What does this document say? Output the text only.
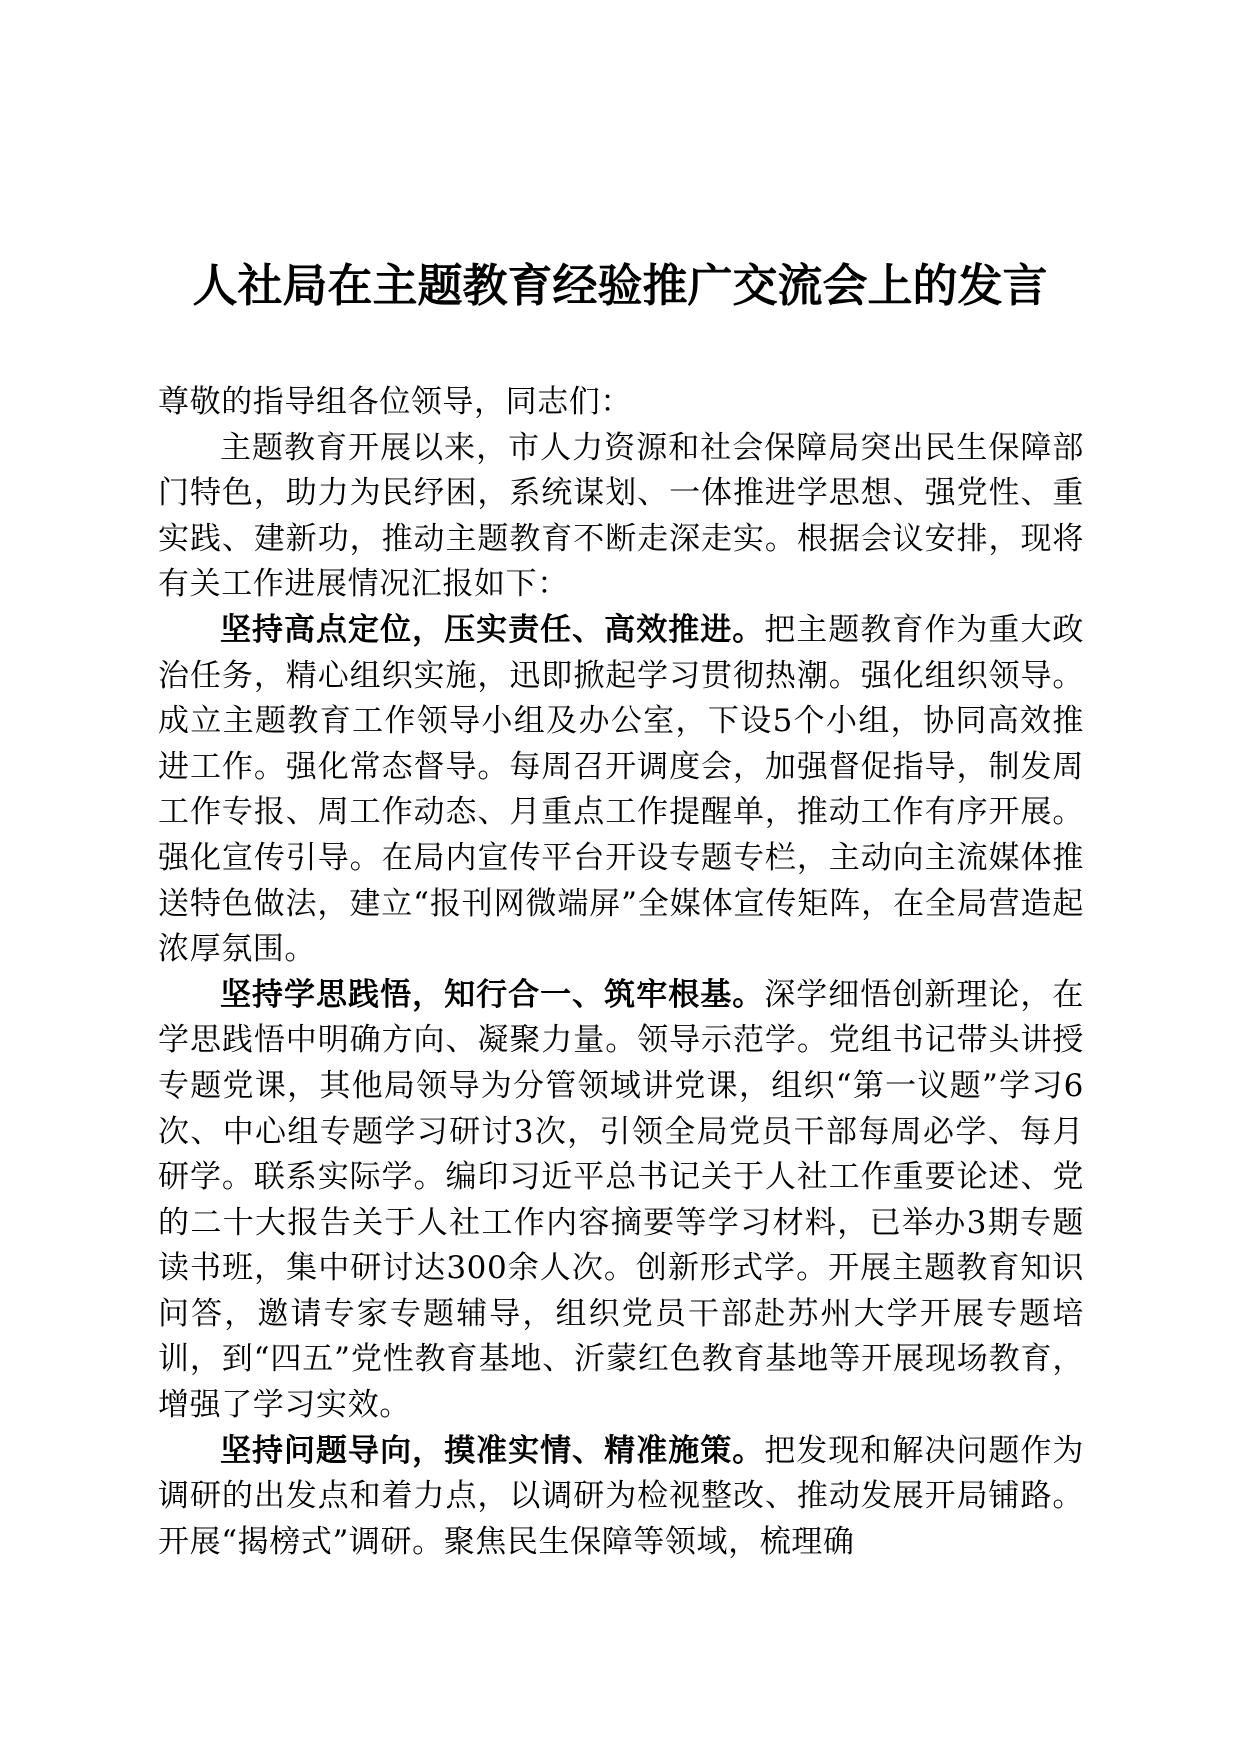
人社局在主题教育经验推广交流会上的发言

尊敬的指导组各位领导，同志们：

主题教育开展以来，市人力资源和社会保障局突出民生保障部门特色，助力为民纾困，系统谋划、一体推进学思想、强党性、重实践、建新功，推动主题教育不断走深走实。根据会议安排，现将有关工作进展情况汇报如下：

坚持高点定位，压实责任、高效推进。把主题教育作为重大政治任务，精心组织实施，迅即掀起学习贯彻热潮。强化组织领导。成立主题教育工作领导小组及办公室，下设5个小组，协同高效推进工作。强化常态督导。每周召开调度会，加强督促指导，制发周工作专报、周工作动态、月重点工作提醒单，推动工作有序开展。强化宣传引导。在局内宣传平台开设专题专栏，主动向主流媒体推送特色做法，建立“报刊网微端屏”全媒体宣传矩阵，在全局营造起浓厚氛围。

坚持学思践悟，知行合一、筑牢根基。深学细悟创新理论，在学思践悟中明确方向、凝聚力量。领导示范学。党组书记带头讲授专题党课，其他局领导为分管领域讲党课，组织“第一议题”学习6次、中心组专题学习研讨3次，引领全局党员干部每周必学、每月研学。联系实际学。编印习近平总书记关于人社工作重要论述、党的二十大报告关于人社工作内容摘要等学习材料，已举办3期专题读书班，集中研讨达300余人次。创新形式学。开展主题教育知识问答，邀请专家专题辅导，组织党员干部赴苏州大学开展专题培训，到“四五”党性教育基地、沂蒙红色教育基地等开展现场教育，增强了学习实效。

坚持问题导向，摸准实情、精准施策。把发现和解决问题作为调研的出发点和着力点，以调研为检视整改、推动发展开局铺路。开展“揭榜式”调研。聚焦民生保障等领域，梳理确
